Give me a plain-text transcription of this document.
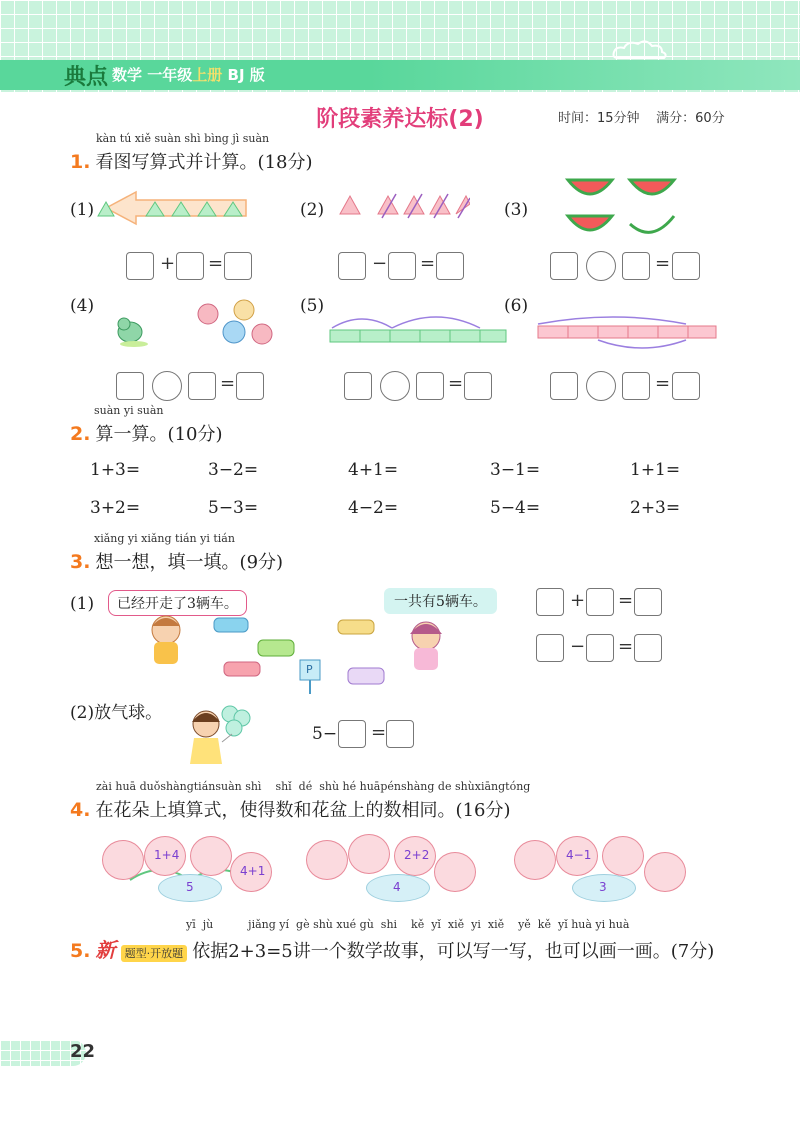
典点 数学 一年级上册 BJ 版
阶段素养达标(2)	时间：15分钟 满分：60分
kàn tú xiě suàn shì bìng jì suàn
1. 看图写算式并计算。(18分)
(1)	(2)	(3)
+ =	− =	=
(4)	(5)	(6)
=	=	=
suàn yi suàn
2. 算一算。(10分)
1+3=	3−2=	4+1=	3−1=	1+1=
3+2=	5−3=	4−2=	5−4=	2+3=
xiǎng yi xiǎng tián yi tián
3. 想一想，填一填。(9分)
(1)	已经开走了3辆车。	一共有5辆车。
P
+ =
− =
(2)放气球。
5− =
zài huā duǒshàngtiánsuàn shì    shǐ  dé  shù hé huāpénshàng de shùxiāngtóng
4. 在花朵上填算式，使得数和花盆上的数相同。(16分)
1+4
4+1
5
2+2
4
4−1
3
yī  jù          jiǎng yí  gè shù xué gù  shi    kě  yǐ  xiě  yi  xiě    yě  kě  yǐ huà yi huà
5. 新 题型·开放题 依据2+3=5讲一个数学故事，可以写一写，也可以画一画。(7分)
22
